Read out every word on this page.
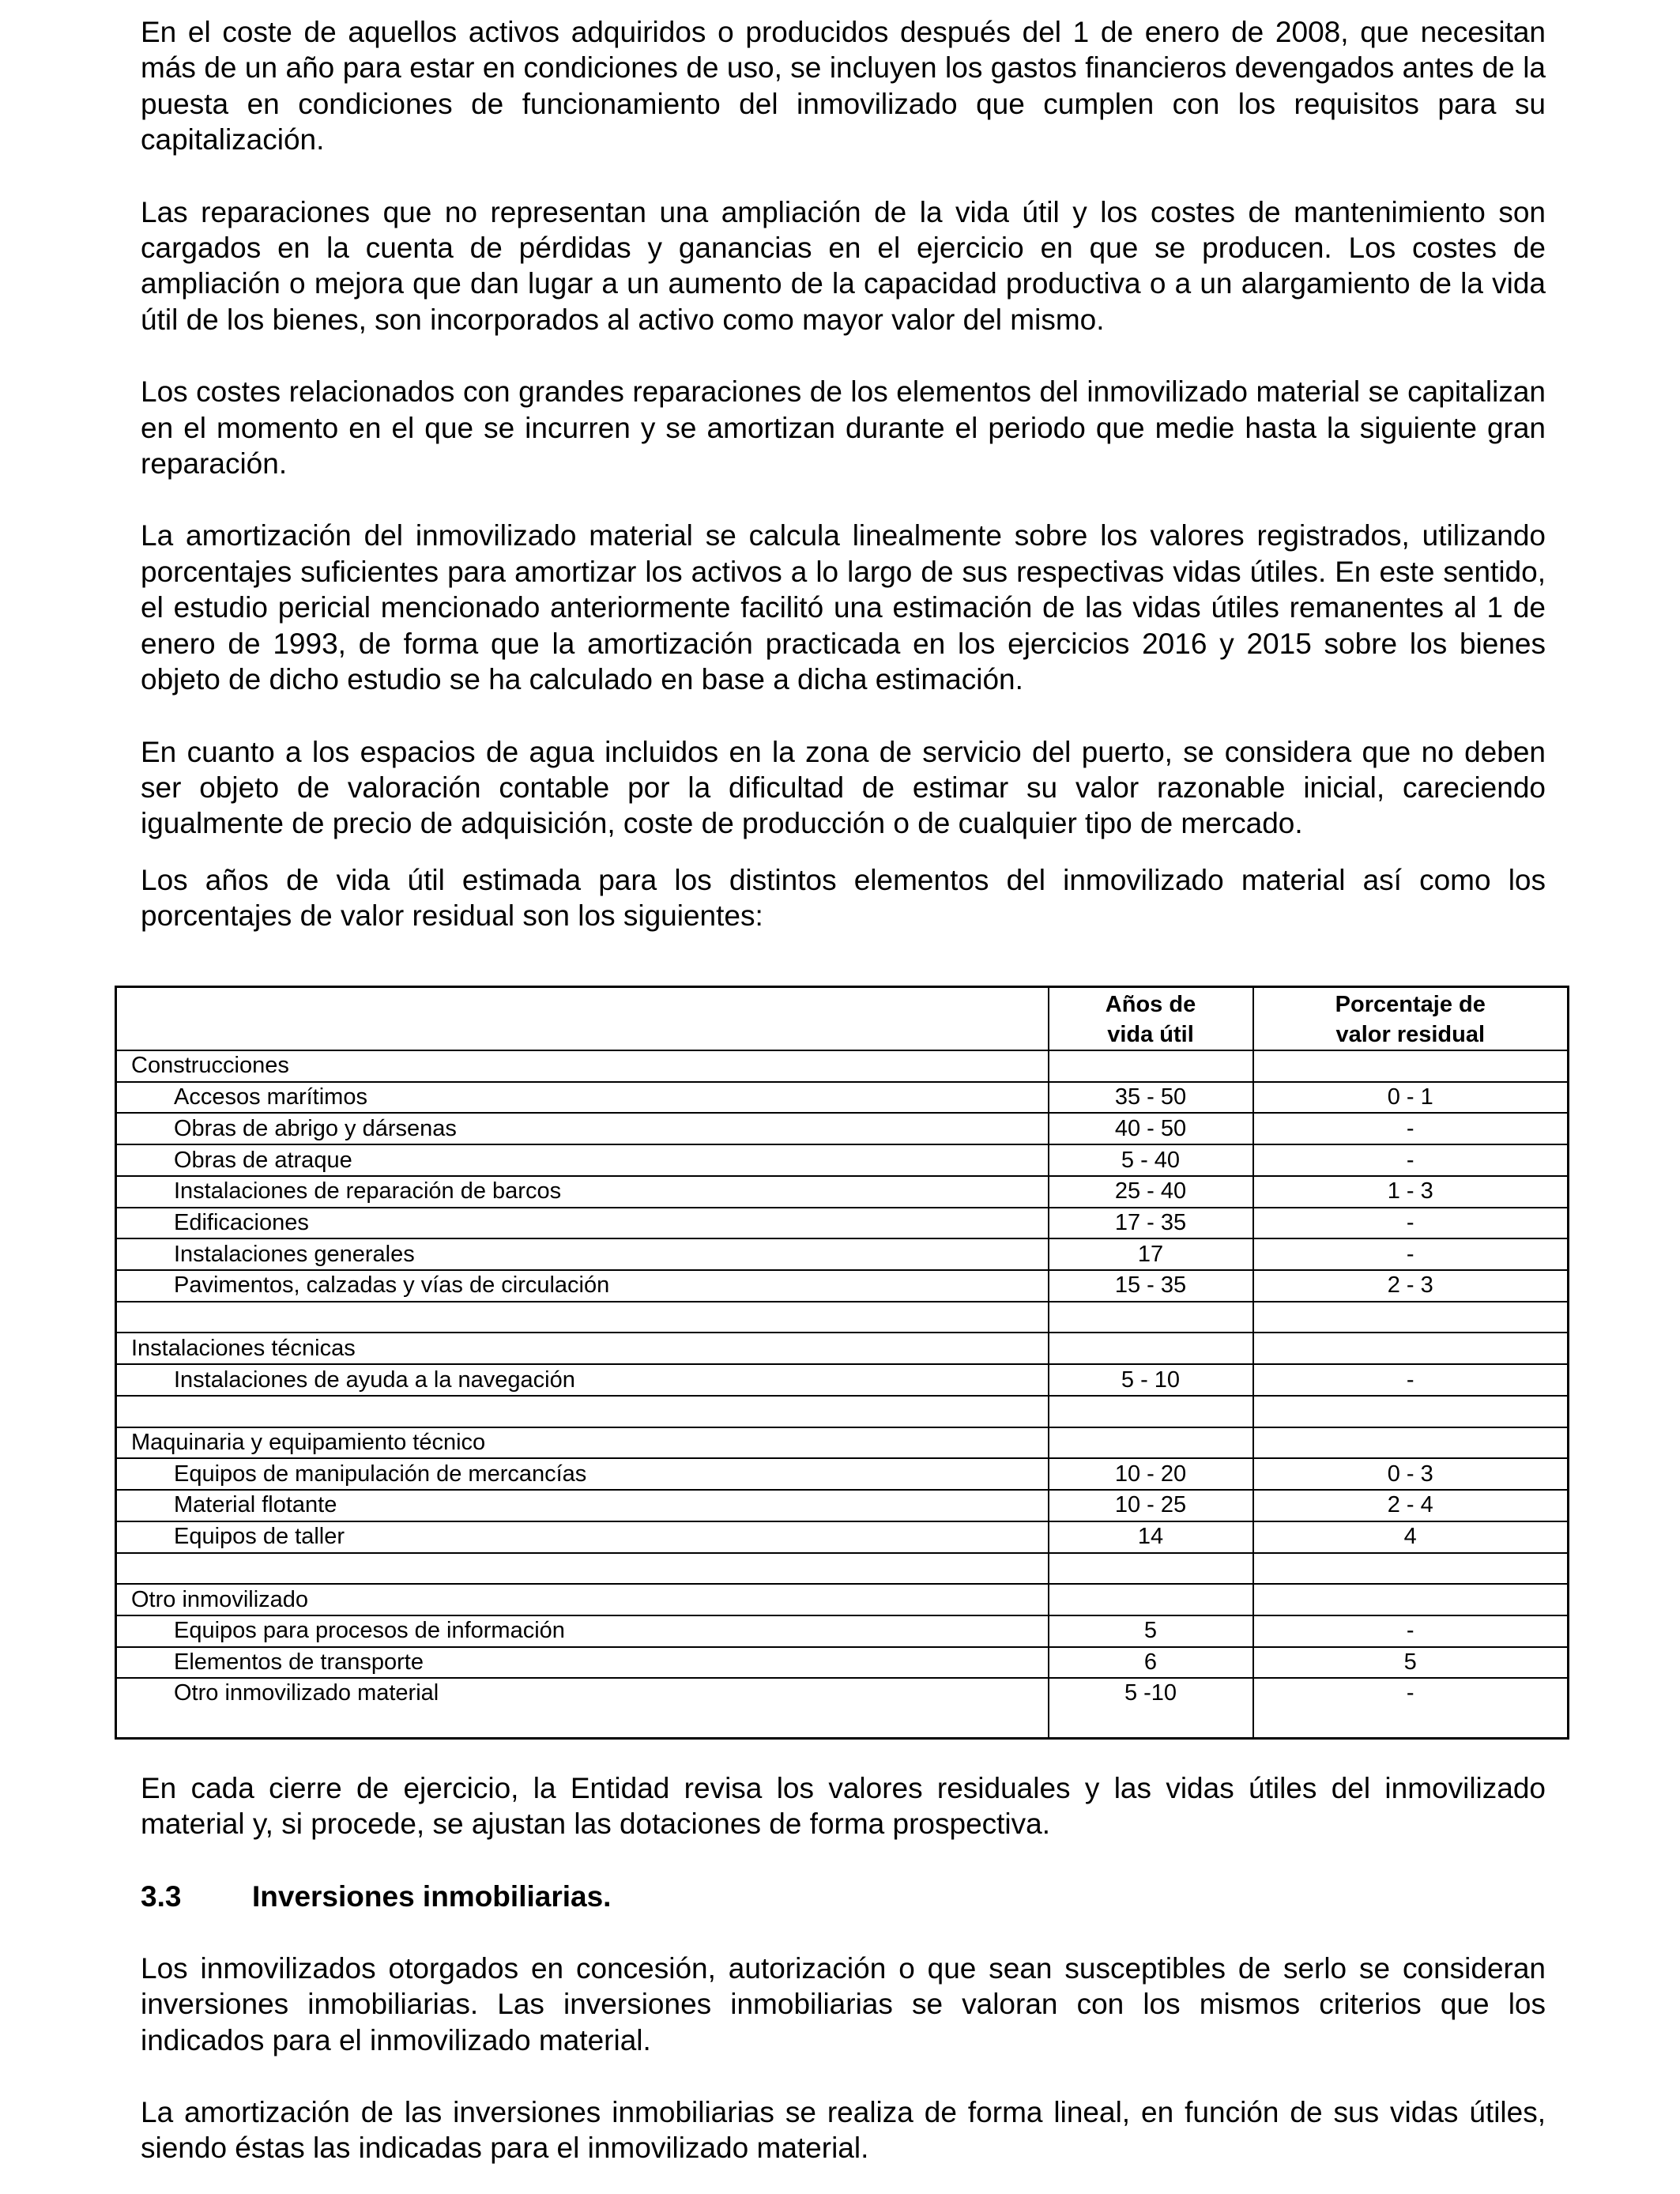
En el coste de aquellos activos adquiridos o producidos después del 1 de enero de 2008, que necesitan más de un año para estar en condiciones de uso, se incluyen los gastos financieros devengados antes de la puesta en condiciones de funcionamiento del inmovilizado que cumplen con los requisitos para su capitalización.

Las reparaciones que no representan una ampliación de la vida útil y los costes de mantenimiento son cargados en la cuenta de pérdidas y ganancias en el ejercicio en que se producen. Los costes de ampliación o mejora que dan lugar a un aumento de la capacidad productiva o a un alargamiento de la vida útil de los bienes, son incorporados al activo como mayor valor del mismo.

Los costes relacionados con grandes reparaciones de los elementos del inmovilizado material se capitalizan en el momento en el que se incurren y se amortizan durante el periodo que medie hasta la siguiente gran reparación.

La amortización del inmovilizado material se calcula linealmente sobre los valores registrados, utilizando porcentajes suficientes para amortizar los activos a lo largo de sus respectivas vidas útiles. En este sentido, el estudio pericial mencionado anteriormente facilitó una estimación de las vidas útiles remanentes al 1 de enero de 1993, de forma que la amortización practicada en los ejercicios 2016 y 2015 sobre los bienes objeto de dicho estudio se ha calculado en base a dicha estimación.

En cuanto a los espacios de agua incluidos en la zona de servicio del puerto, se considera que no deben ser objeto de valoración contable por la dificultad de estimar su valor razonable inicial, careciendo igualmente de precio de adquisición, coste de producción o de cualquier tipo de mercado.

Los años de vida útil estimada para los distintos elementos del inmovilizado material así como los porcentajes de valor residual son los siguientes:

	Años de
vida útil	Porcentaje de
valor residual
Construcciones		
Accesos marítimos	35 - 50	0 - 1
Obras de abrigo y dársenas	40 - 50	-
Obras de atraque	5 - 40	-
Instalaciones de reparación de barcos	25 - 40	1 - 3
Edificaciones	17 - 35	-
Instalaciones generales	17	-
Pavimentos, calzadas y vías de circulación	15 - 35	2 - 3

Instalaciones técnicas		
Instalaciones de ayuda a la navegación	5 - 10	-

Maquinaria y equipamiento técnico		
Equipos de manipulación de mercancías	10 - 20	0 - 3
Material flotante	10 - 25	2 - 4
Equipos de taller	14	4

Otro inmovilizado		
Equipos para procesos de información	5	-
Elementos de transporte	6	5
Otro inmovilizado material	5 -10	-

En cada cierre de ejercicio, la Entidad revisa los valores residuales y las vidas útiles del inmovilizado material y, si procede, se ajustan las dotaciones de forma prospectiva.

3.3 Inversiones inmobiliarias.

Los inmovilizados otorgados en concesión, autorización o que sean susceptibles de serlo se consideran inversiones inmobiliarias. Las inversiones inmobiliarias se valoran con los mismos criterios que los indicados para el inmovilizado material.

La amortización de las inversiones inmobiliarias se realiza de forma lineal, en función de sus vidas útiles, siendo éstas las indicadas para el inmovilizado material.
